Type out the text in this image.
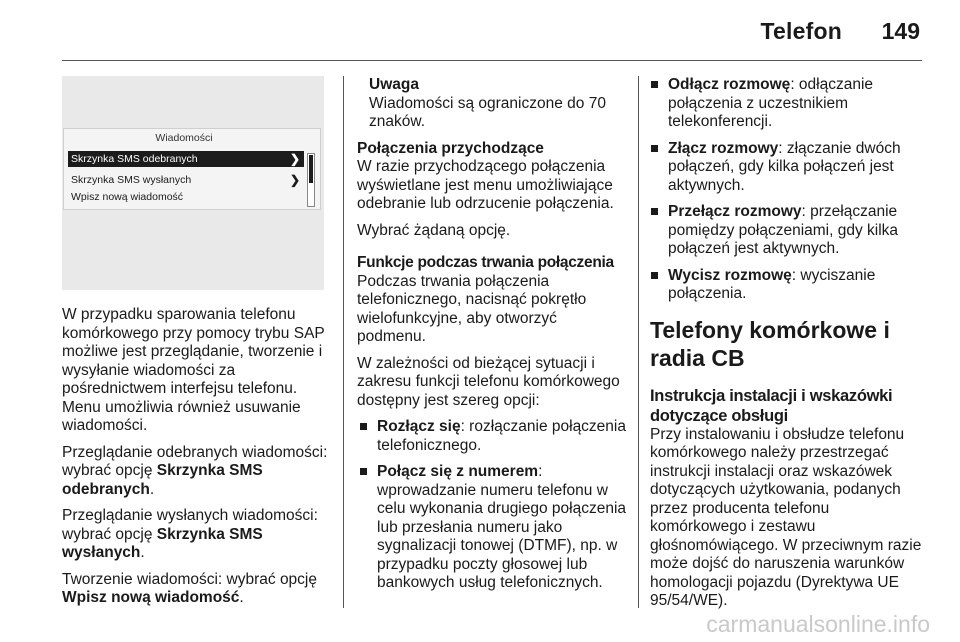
Telefon 149
Wiadomości
Skrzynka SMS odebranych	❯
Skrzynka SMS wysłanych	❯
Wpisz nową wiadomość

W przypadku sparowania telefonu komórkowego przy pomocy trybu SAP możliwe jest przeglądanie, tworzenie i wysyłanie wiadomości za pośrednictwem interfejsu telefonu. Menu umożliwia również usuwanie wiadomości.

Przeglądanie odebranych wiadomości: wybrać opcję Skrzynka SMS odebranych.

Przeglądanie wysłanych wiadomości: wybrać opcję Skrzynka SMS wysłanych.

Tworzenie wiadomości: wybrać opcję Wpisz nową wiadomość.

Uwaga
Wiadomości są ograniczone do 70 znaków.
Połączenia przychodzące

W razie przychodzącego połączenia wyświetlane jest menu umożliwiające odebranie lub odrzucenie połączenia.

Wybrać żądaną opcję.

Funkcje podczas trwania połączenia

Podczas trwania połączenia telefonicznego, nacisnąć pokrętło wielofunkcyjne, aby otworzyć podmenu.

W zależności od bieżącej sytuacji i zakresu funkcji telefonu komórkowego dostępny jest szereg opcji:

Rozłącz się: rozłączanie połączenia telefonicznego.
Połącz się z numerem: wprowadzanie numeru telefonu w celu wykonania drugiego połączenia lub przesłania numeru jako sygnalizacji tonowej (DTMF), np. w przypadku poczty głosowej lub bankowych usług telefonicznych.
Odłącz rozmowę: odłączanie połączenia z uczestnikiem telekonferencji.
Złącz rozmowy: złączanie dwóch połączeń, gdy kilka połączeń jest aktywnych.
Przełącz rozmowy: przełączanie pomiędzy połączeniami, gdy kilka połączeń jest aktywnych.
Wycisz rozmowę: wyciszanie połączenia.
Telefony komórkowe i radia CB
Instrukcja instalacji i wskazówki dotyczące obsługi

Przy instalowaniu i obsłudze telefonu komórkowego należy przestrzegać instrukcji instalacji oraz wskazówek dotyczących użytkowania, podanych przez producenta telefonu komórkowego i zestawu głośnomówiącego. W przeciwnym razie może dojść do naruszenia warunków homologacji pojazdu (Dyrektywa UE 95/54/WE).

carmanualsonline.info
